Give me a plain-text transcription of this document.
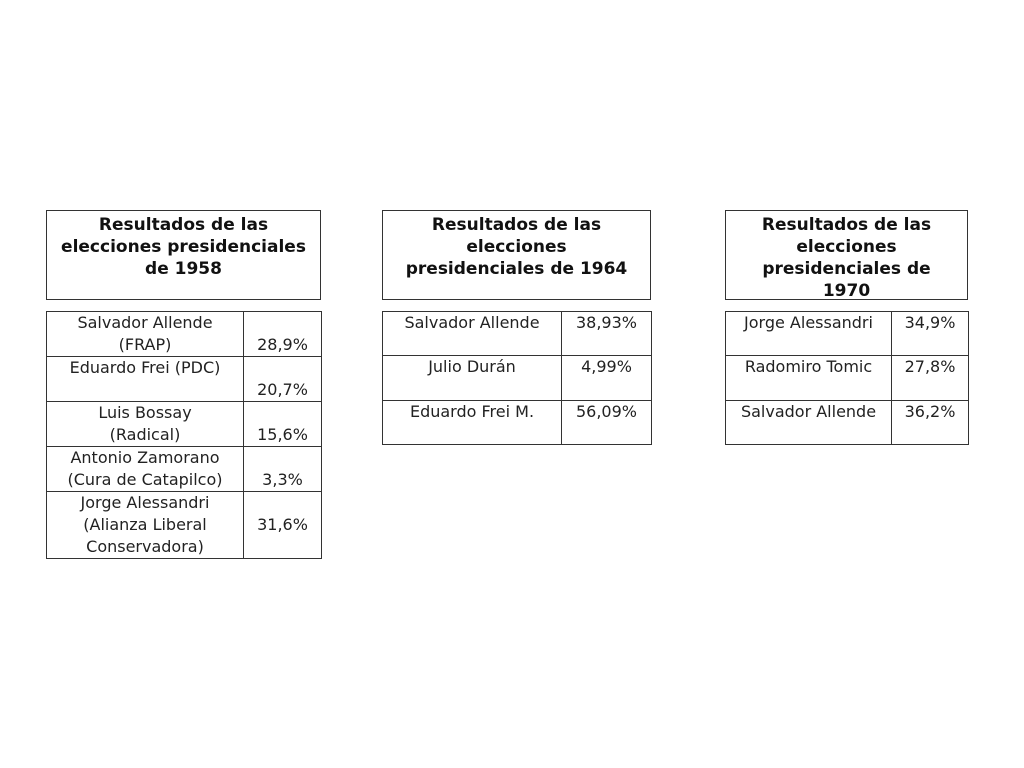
Resultados de las
elecciones presidenciales
de 1958
Salvador Allende
(FRAP)	28,9%
Eduardo Frei (PDC)	20,7%
Luis Bossay
(Radical)	15,6%
Antonio Zamorano
(Cura de Catapilco)	3,3%
Jorge Alessandri
(Alianza Liberal
Conservadora)	31,6%
Resultados de las
elecciones
presidenciales de 1964
Salvador Allende	38,93%
Julio Durán	4,99%
Eduardo Frei M.	56,09%
Resultados de las
elecciones
presidenciales de
1970
Jorge Alessandri	34,9%
Radomiro Tomic	27,8%
Salvador Allende	36,2%
